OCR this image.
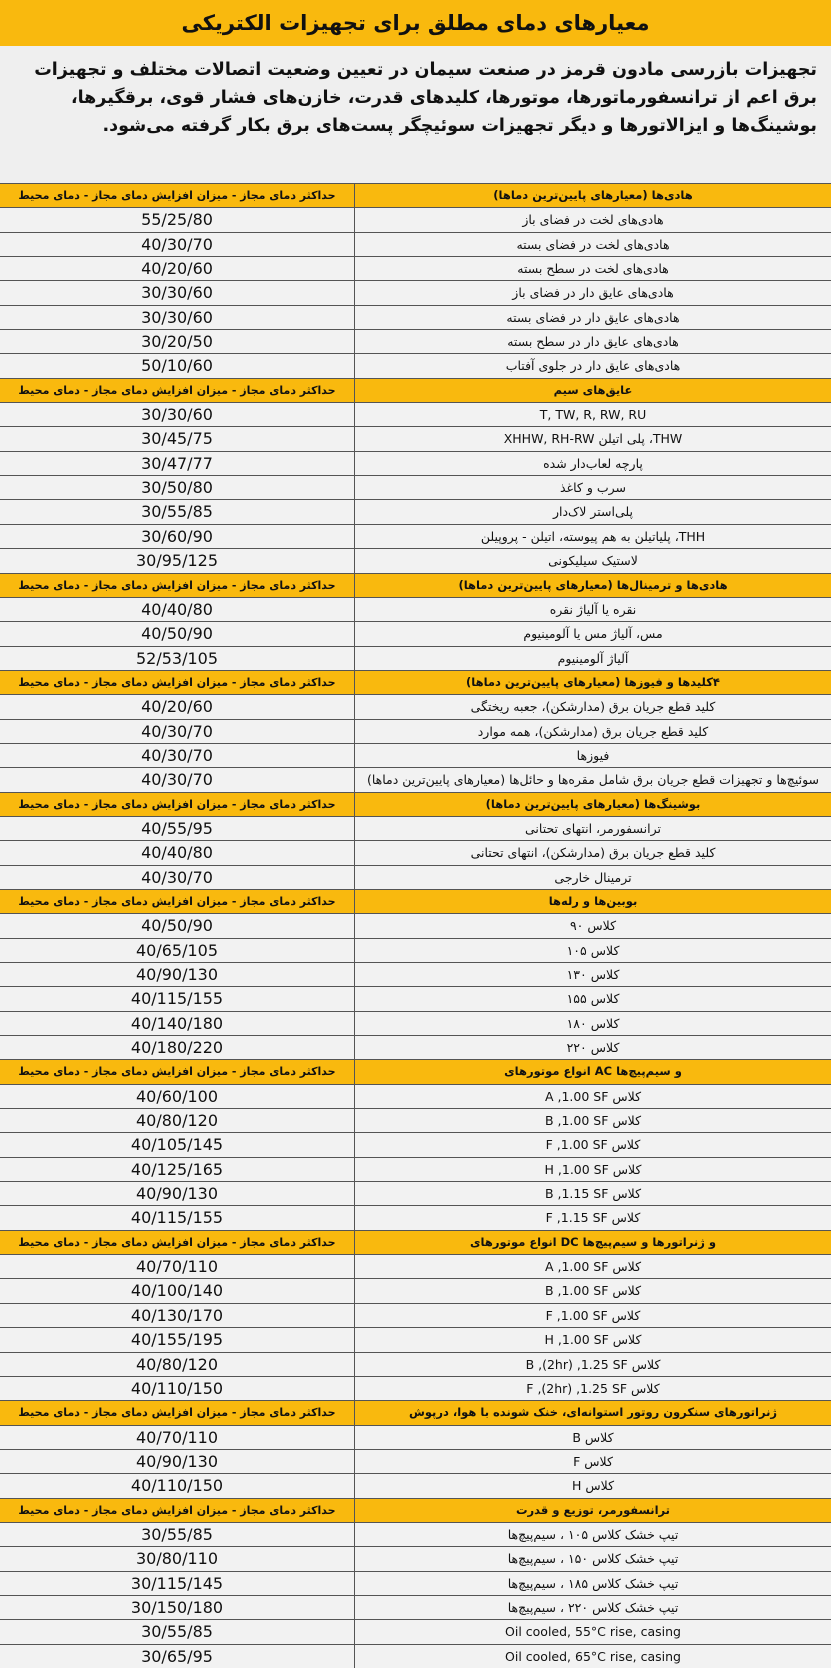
معیارهای دمای مطلق برای تجهیزات الکتریکی
تجهیزات بازرسی مادون قرمز در صنعت سیمان در تعیین وضعیت اتصالات مختلف و تجهیزات برق اعم از ترانسفورماتورها، موتورها، کلیدهای قدرت، خازن‌های فشار قوی، برقگیرها، بوشینگ‌ها و ایزالاتورها و دیگر تجهیزات سوئیچگر پست‌های برق بکار گرفته می‌شود.
حداکثر دمای مجاز - میزان افزایش دمای مجاز - دمای محیط	هادی‌ها (معیارهای پایین‌ترین دماها)
55/25/80	هادی‌های لخت در فضای باز
40/30/70	هادی‌های لخت در فضای بسته
40/20/60	هادی‌های لخت در سطح بسته
30/30/60	هادی‌های عایق دار در فضای باز
30/30/60	هادی‌های عایق دار در فضای بسته
30/20/50	هادی‌های عایق دار در سطح بسته
50/10/60	هادی‌های عایق دار در جلوی آفتاب
حداکثر دمای مجاز - میزان افزایش دمای مجاز - دمای محیط	عایق‌های سیم
30/30/60	T, TW, R, RW, RU
30/45/75	THW، پلی اتیلن XHHW, RH-RW
30/47/77	پارچه لعاب‌دار شده
30/50/80	سرب و کاغذ
30/55/85	پلی‌استر لاک‌دار
30/60/90	THH، پلیاتیلن به هم پیوسته، اتیلن - پروپیلن
30/95/125	لاستیک سیلیکونی
حداکثر دمای مجاز - میزان افزایش دمای مجاز - دمای محیط	هادی‌ها و ترمینال‌ها (معیارهای پایین‌ترین دماها)
40/40/80	نقره یا آلیاژ نقره
40/50/90	مس، آلیاژ مس یا آلومینیوم
52/53/105	آلیاژ آلومینیوم
حداکثر دمای مجاز - میزان افزایش دمای مجاز - دمای محیط	۴کلیدها و فیوزها (معیارهای پایین‌ترین دماها)
40/20/60	کلید قطع جریان برق (مدارشکن)، جعبه ریختگی
40/30/70	کلید قطع جریان برق (مدارشکن)، همه موارد
40/30/70	فیوزها
40/30/70	سوئیچ‌ها و تجهیزات قطع جریان برق شامل مقره‌ها و حائل‌ها (معیارهای پایین‌ترین دماها)
حداکثر دمای مجاز - میزان افزایش دمای مجاز - دمای محیط	بوشینگ‌ها (معیارهای پایین‌ترین دماها)
40/55/95	ترانسفورمر، انتهای تحتانی
40/40/80	کلید قطع جریان برق (مدارشکن)، انتهای تحتانی
40/30/70	ترمینال خارجی
حداکثر دمای مجاز - میزان افزایش دمای مجاز - دمای محیط	بوبین‌ها و رله‌ها
40/50/90	کلاس ۹۰
40/65/105	کلاس ۱۰۵
40/90/130	کلاس ۱۳۰
40/115/155	کلاس ۱۵۵
40/140/180	کلاس ۱۸۰
40/180/220	کلاس ۲۲۰
حداکثر دمای مجاز - میزان افزایش دمای مجاز - دمای محیط	و سیم‌پیچ‌ها AC انواع موتورهای
40/60/100	کلاس A ,1.00 SF
40/80/120	کلاس B ,1.00 SF
40/105/145	کلاس F ,1.00 SF
40/125/165	کلاس H ,1.00 SF
40/90/130	کلاس B ,1.15 SF
40/115/155	کلاس F ,1.15 SF
حداکثر دمای مجاز - میزان افزایش دمای مجاز - دمای محیط	و ژنراتورها و سیم‌پیچ‌ها DC انواع موتورهای
40/70/110	کلاس A ,1.00 SF
40/100/140	کلاس B ,1.00 SF
40/130/170	کلاس F ,1.00 SF
40/155/195	کلاس H ,1.00 SF
40/80/120	کلاس B ,(2hr) ,1.25 SF
40/110/150	کلاس F ,(2hr) ,1.25 SF
حداکثر دمای مجاز - میزان افزایش دمای مجاز - دمای محیط	ژنراتورهای سنکرون روتور استوانه‌ای، خنک شونده با هوا، درپوش
40/70/110	کلاس B
40/90/130	کلاس F
40/110/150	کلاس H
حداکثر دمای مجاز - میزان افزایش دمای مجاز - دمای محیط	ترانسفورمر، توزیع و قدرت
30/55/85	تیپ خشک کلاس ۱۰۵ ، سیم‌پیچ‌ها
30/80/110	تیپ خشک کلاس ۱۵۰ ، سیم‌پیچ‌ها
30/115/145	تیپ خشک کلاس ۱۸۵ ، سیم‌پیچ‌ها
30/150/180	تیپ خشک کلاس ۲۲۰ ، سیم‌پیچ‌ها
30/55/85	Oil cooled, 55°C rise, casing
30/65/95	Oil cooled, 65°C rise, casing
